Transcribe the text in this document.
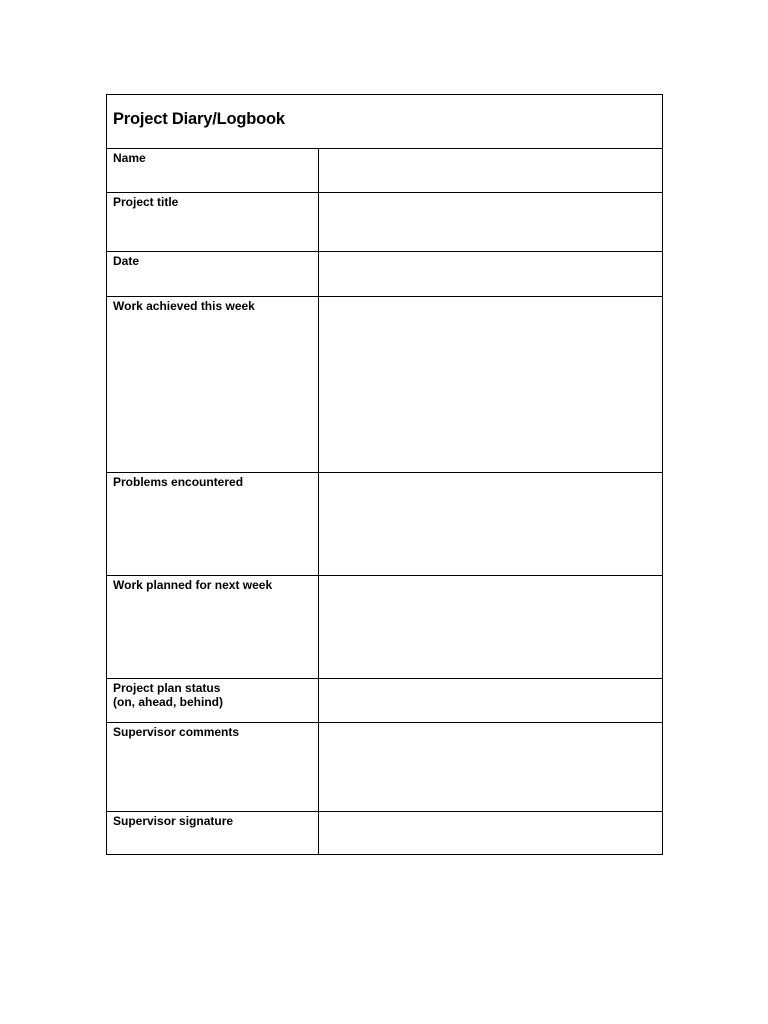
Project Diary/Logbook
Name
Project title
Date
Work achieved this week
Problems encountered
Work planned for next week
Project plan status
(on, ahead, behind)
Supervisor comments
Supervisor signature
